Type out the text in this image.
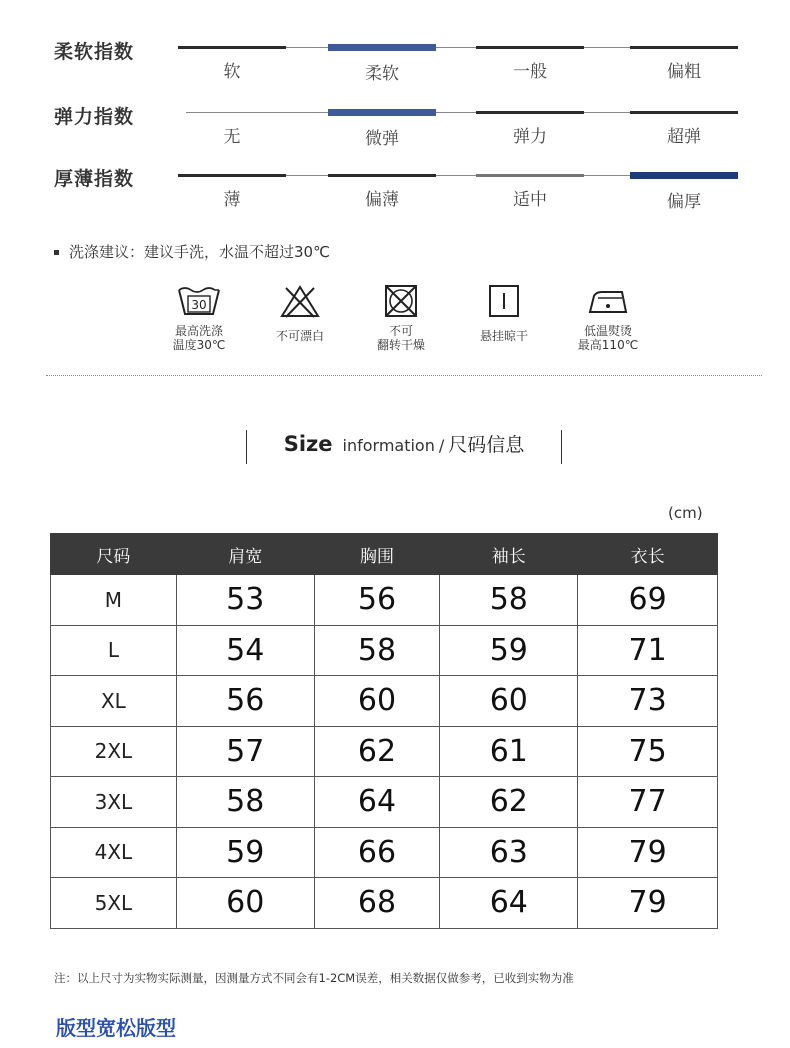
柔软指数
软	柔软	一般	偏粗
弹力指数
无	微弹	弹力	超弹
厚薄指数
薄	偏薄	适中	偏厚
洗涤建议：建议手洗，水温不超过30℃
30
最高洗涤
温度30℃
不可漂白	不可
翻转干燥
悬挂晾干	低温熨烫
最高110℃
Size information / 尺码信息
(cm)
尺码	肩宽	胸围	袖长	衣长
M	53	56	58	69
L	54	58	59	71
XL	56	60	60	73
2XL	57	62	61	75
3XL	58	64	62	77
4XL	59	66	63	79
5XL	60	68	64	79
注：以上尺寸为实物实际测量，因测量方式不同会有1-2CM误差，相关数据仅做参考，已收到实物为准
版型宽松版型
